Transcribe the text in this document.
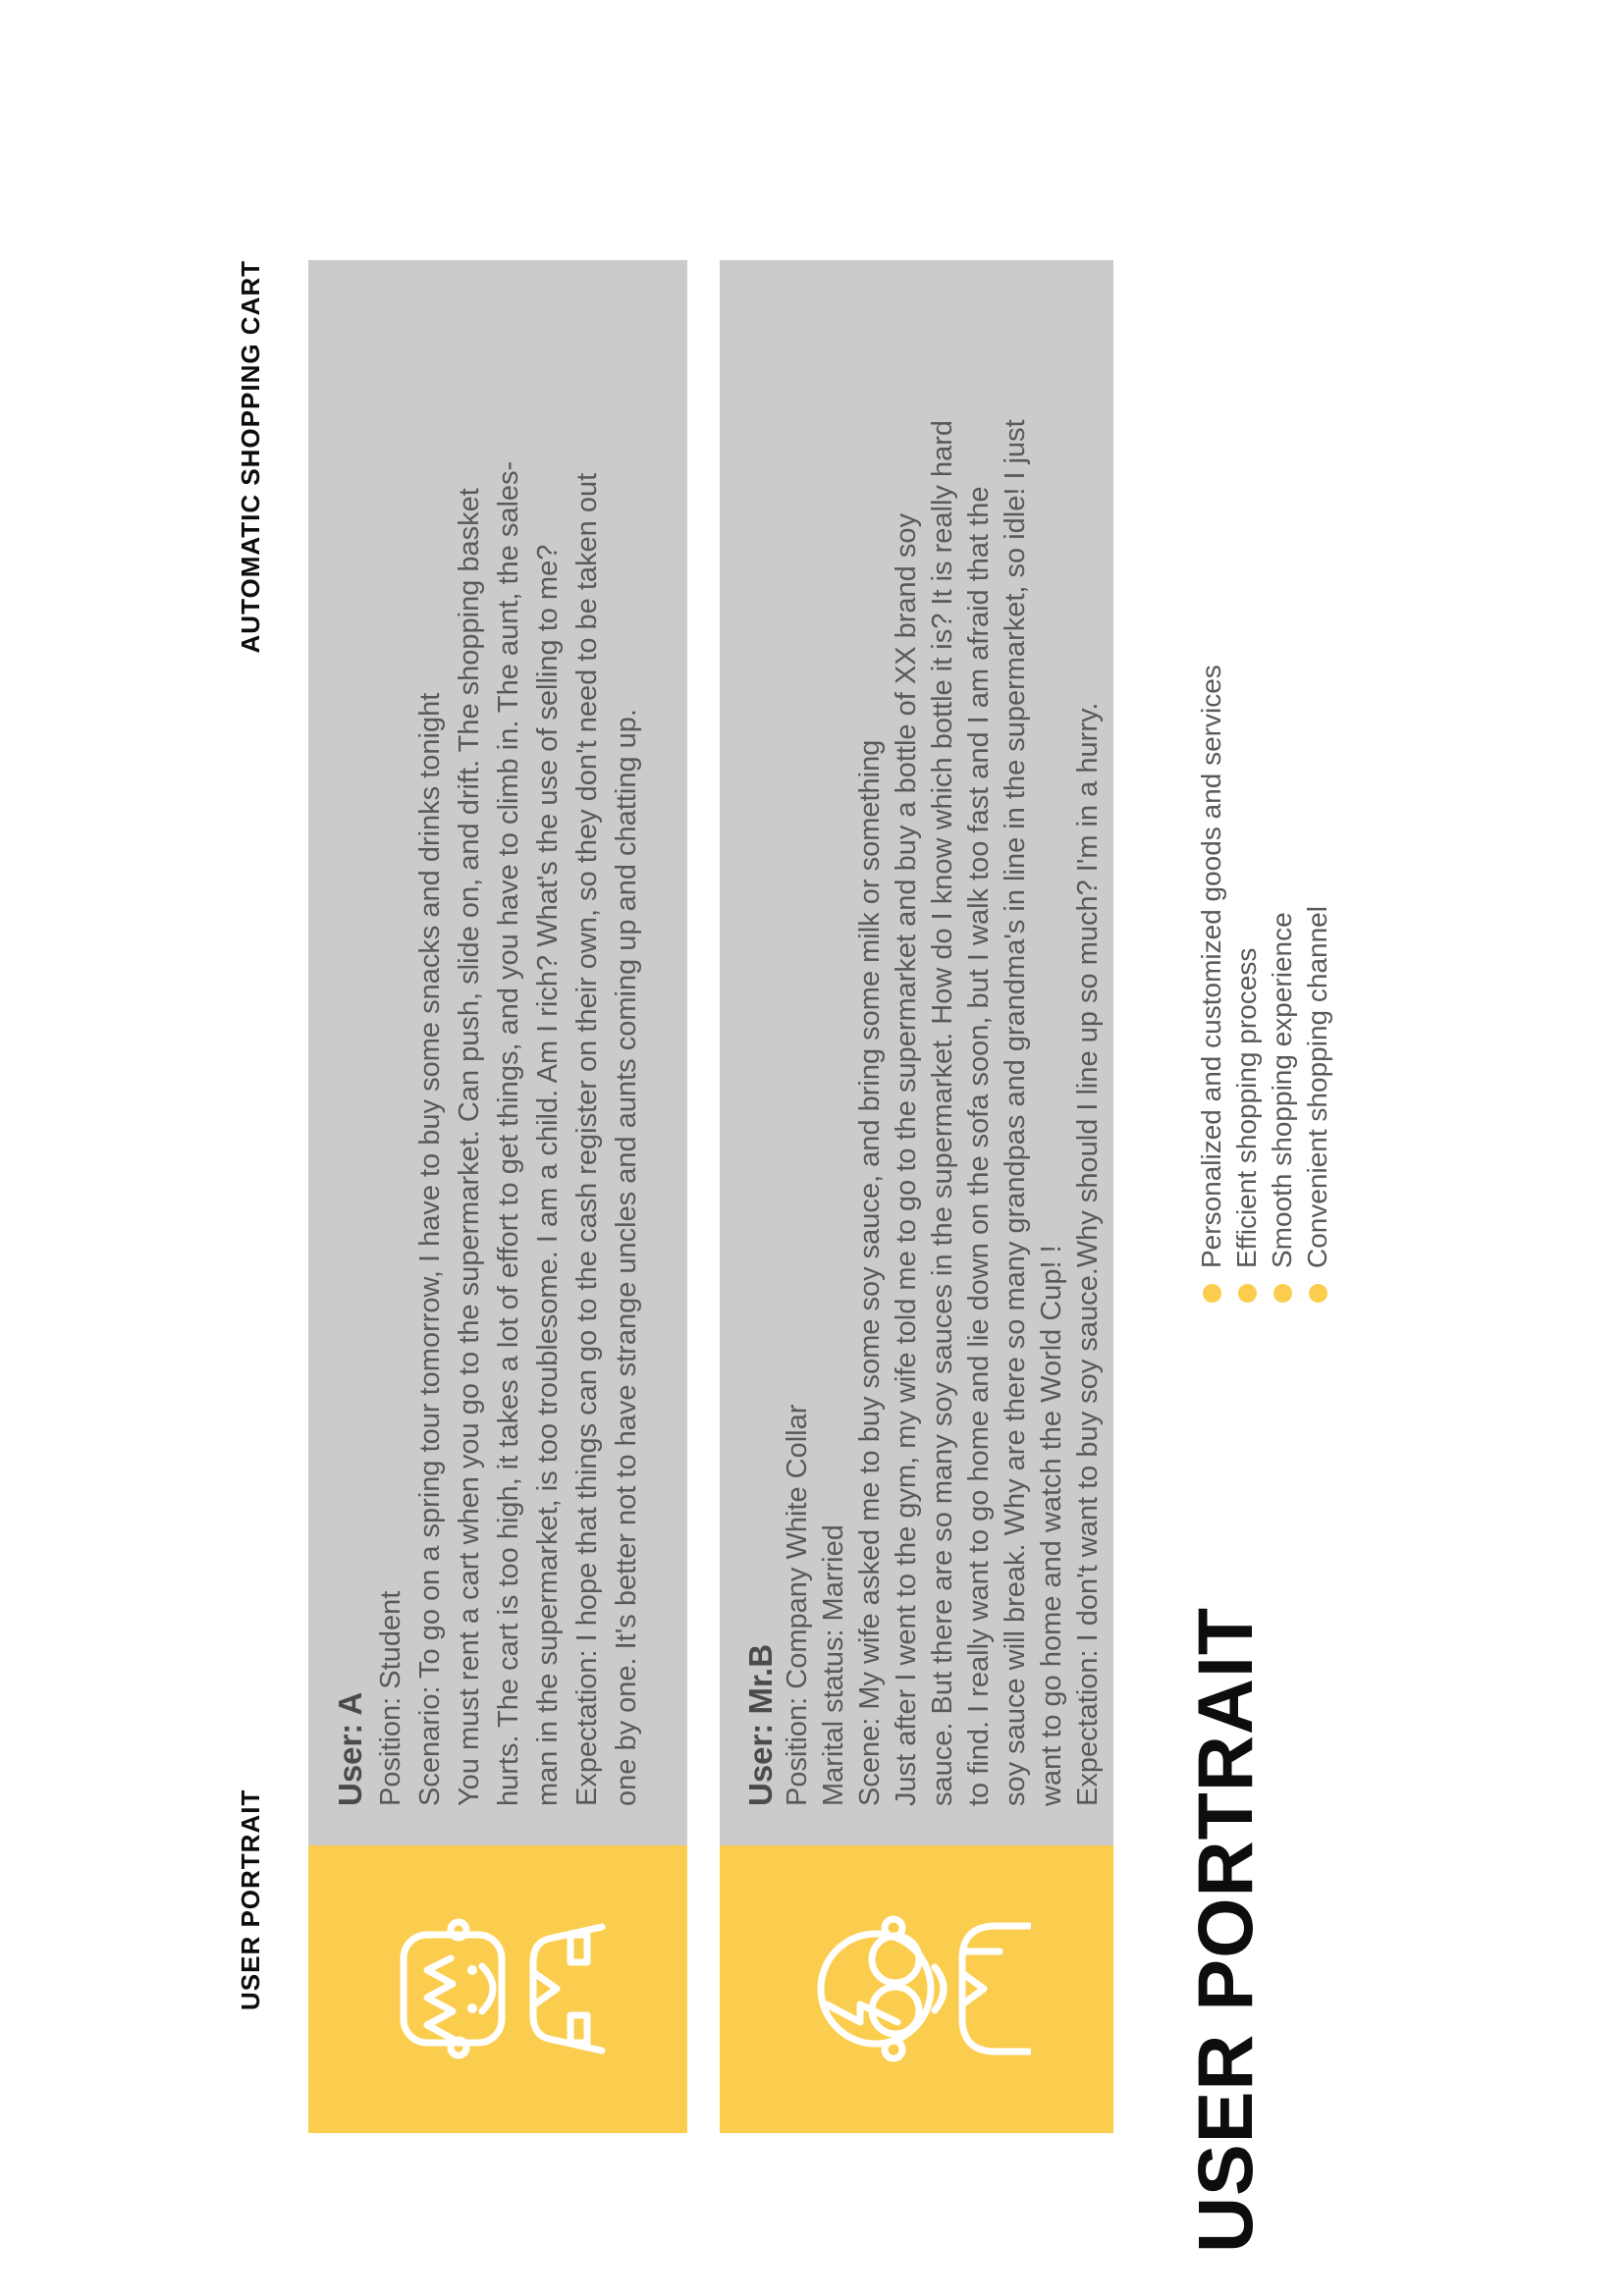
USER PORTRAIT
AUTOMATIC SHOPPING CART
User: A Position: Student Scenario: To go on a spring tour tomorrow, I have to buy some snacks and drinks tonight You must rent a cart when you go to the supermarket. Can push, slide on, and drift. The shopping basket hurts. The cart is too high, it takes a lot of effort to get things, and you have to climb in. The aunt, the sales- man in the supermarket, is too troublesome. I am a child. Am I rich? What's the use of selling to me? Expectation: I hope that things can go to the cash register on their own, so they don't need to be taken out one by one. It's better not to have strange uncles and aunts coming up and chatting up.	User: Mr.B Position: Company White Collar Marital status: Married Scene: My wife asked me to buy some soy sauce, and bring some milk or something Just after I went to the gym, my wife told me to go to the supermarket and buy a bottle of XX brand soy sauce. But there are so many soy sauces in the supermarket. How do I know which bottle it is? It is really hard to find. I really want to go home and lie down on the sofa soon, but I walk too fast and I am afraid that the soy sauce will break. Why are there so many grandpas and grandma's in line in the supermarket, so idle! I just want to go home and watch the World Cup! ! Expectation: I don't want to buy soy sauce.Why should I line up so much? I'm in a hurry.
USER PORTRAIT
Personalized and customized goods and services Efficient shopping process Smooth shopping experience Convenient shopping channel
